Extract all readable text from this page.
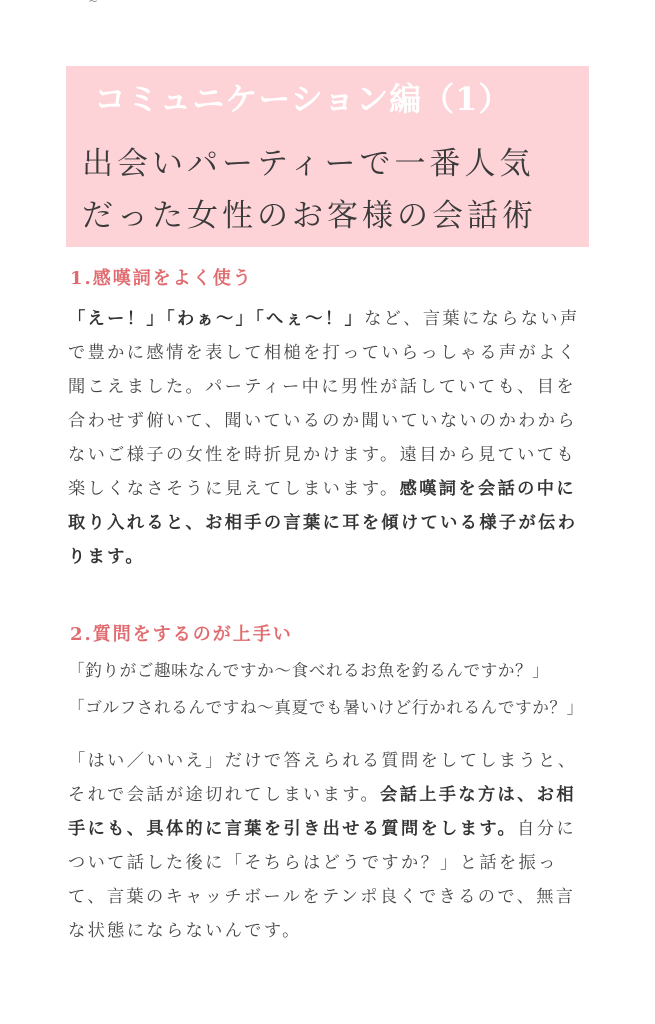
~
コミュニケーション編（1）
出会いパーティーで一番人気
だった女性のお客様の会話術
1.感嘆詞をよく使う
「えー！」「わぁ〜」「へぇ〜！」など、言葉にならない声で豊かに感情を表して相槌を打っていらっしゃる声がよく聞こえました。パーティー中に男性が話していても、目を合わせず俯いて、聞いているのか聞いていないのかわからないご様子の女性を時折見かけます。遠目から見ていても楽しくなさそうに見えてしまいます。感嘆詞を会話の中に取り入れると、お相手の言葉に耳を傾けている様子が伝わります。
2.質問をするのが上手い
「釣りがご趣味なんですか〜食べれるお魚を釣るんですか？」
「ゴルフされるんですね〜真夏でも暑いけど行かれるんですか？」
「はい／いいえ」だけで答えられる質問をしてしまうと、それで会話が途切れてしまいます。会話上手な方は、お相手にも、具体的に言葉を引き出せる質問をします。自分について話した後に「そちらはどうですか？」と話を振って、言葉のキャッチボールをテンポ良くできるので、無言な状態にならないんです。
